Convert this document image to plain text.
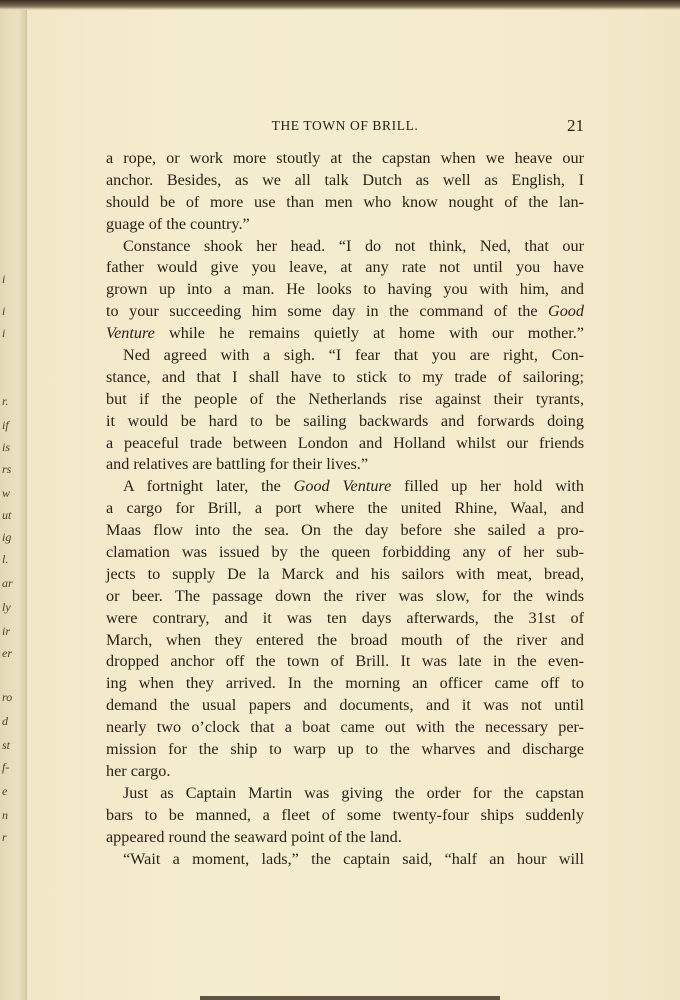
i
i
i
r.
if
is
rs
w
ut
ig
l.
ar
ly
ir
er
ro
d
st
f-
e
n
r
THE TOWN OF BRILL.	21
a rope, or work more stoutly at the capstan when we heave our
anchor. Besides, as we all talk Dutch as well as English, I
should be of more use than men who know nought of the lan-
guage of the country.”
Constance shook her head. “I do not think, Ned, that our
father would give you leave, at any rate not until you have
grown up into a man. He looks to having you with him, and
to your succeeding him some day in the command of the Good
Venture while he remains quietly at home with our mother.”
Ned agreed with a sigh. “I fear that you are right, Con-
stance, and that I shall have to stick to my trade of sailoring;
but if the people of the Netherlands rise against their tyrants,
it would be hard to be sailing backwards and forwards doing
a peaceful trade between London and Holland whilst our friends
and relatives are battling for their lives.”
A fortnight later, the Good Venture filled up her hold with
a cargo for Brill, a port where the united Rhine, Waal, and
Maas flow into the sea. On the day before she sailed a pro-
clamation was issued by the queen forbidding any of her sub-
jects to supply De la Marck and his sailors with meat, bread,
or beer. The passage down the river was slow, for the winds
were contrary, and it was ten days afterwards, the 31st of
March, when they entered the broad mouth of the river and
dropped anchor off the town of Brill. It was late in the even-
ing when they arrived. In the morning an officer came off to
demand the usual papers and documents, and it was not until
nearly two o’clock that a boat came out with the necessary per-
mission for the ship to warp up to the wharves and discharge
her cargo.
Just as Captain Martin was giving the order for the capstan
bars to be manned, a fleet of some twenty-four ships suddenly
appeared round the seaward point of the land.
“Wait a moment, lads,” the captain said, “half an hour will
